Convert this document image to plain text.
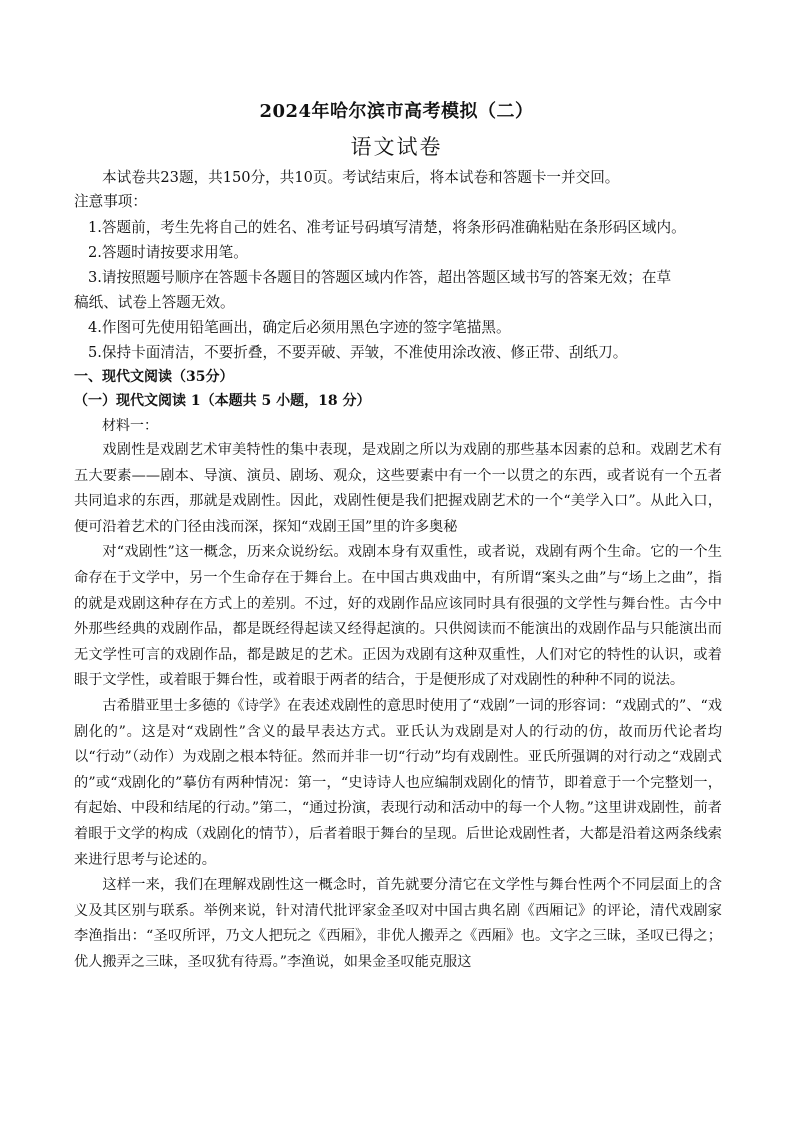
2024年哈尔滨市高考模拟（二）
语文试卷
本试卷共23题，共150分，共10页。考试结束后，将本试卷和答题卡一并交回。
注意事项：
1.答题前，考生先将自己的姓名、准考证号码填写清楚，将条形码准确粘贴在条形码区域内。
2.答题时请按要求用笔。
3.请按照题号顺序在答题卡各题目的答题区域内作答，超出答题区域书写的答案无效；在草
稿纸、试卷上答题无效。
4.作图可先使用铅笔画出，确定后必须用黑色字迹的签字笔描黑。
5.保持卡面清洁，不要折叠，不要弄破、弄皱，不准使用涂改液、修正带、刮纸刀。
一、现代文阅读（35分）
（一）现代文阅读 1（本题共 5 小题，18 分）
材料一：

戏剧性是戏剧艺术审美特性的集中表现，是戏剧之所以为戏剧的那些基本因素的总和。戏剧艺术有五大要素——剧本、导演、演员、剧场、观众，这些要素中有一个一以贯之的东西，或者说有一个五者共同追求的东西，那就是戏剧性。因此，戏剧性便是我们把握戏剧艺术的一个“美学入口”。从此入口，便可沿着艺术的门径由浅而深，探知“戏剧王国”里的许多奥秘

对“戏剧性”这一概念，历来众说纷纭。戏剧本身有双重性，或者说，戏剧有两个生命。它的一个生命存在于文学中，另一个生命存在于舞台上。在中国古典戏曲中，有所谓“案头之曲”与“场上之曲”，指的就是戏剧这种存在方式上的差别。不过，好的戏剧作品应该同时具有很强的文学性与舞台性。古今中外那些经典的戏剧作品，都是既经得起读又经得起演的。只供阅读而不能演出的戏剧作品与只能演出而无文学性可言的戏剧作品，都是跛足的艺术。正因为戏剧有这种双重性，人们对它的特性的认识，或着眼于文学性，或着眼于舞台性，或着眼于两者的结合，于是便形成了对戏剧性的种种不同的说法。

古希腊亚里士多德的《诗学》在表述戏剧性的意思时使用了“戏剧”一词的形容词：“戏剧式的”、“戏剧化的”。这是对“戏剧性”含义的最早表达方式。亚氏认为戏剧是对人的行动的仿，故而历代论者均以“行动”（动作）为戏剧之根本特征。然而并非一切“行动”均有戏剧性。亚氏所强调的对行动之“戏剧式的”或“戏剧化的”摹仿有两种情况：第一，“史诗诗人也应编制戏剧化的情节，即着意于一个完整划一，有起始、中段和结尾的行动。”第二，“通过扮演，表现行动和活动中的每一个人物。”这里讲戏剧性，前者着眼于文学的构成（戏剧化的情节），后者着眼于舞台的呈现。后世论戏剧性者，大都是沿着这两条线索来进行思考与论述的。

这样一来，我们在理解戏剧性这一概念时，首先就要分清它在文学性与舞台性两个不同层面上的含义及其区别与联系。举例来说，针对清代批评家金圣叹对中国古典名剧《西厢记》的评论，清代戏剧家李渔指出：“圣叹所评，乃文人把玩之《西厢》，非优人搬弄之《西厢》也。文字之三昧，圣叹已得之；优人搬弄之三昧，圣叹犹有待焉。”李渔说，如果金圣叹能克服这
